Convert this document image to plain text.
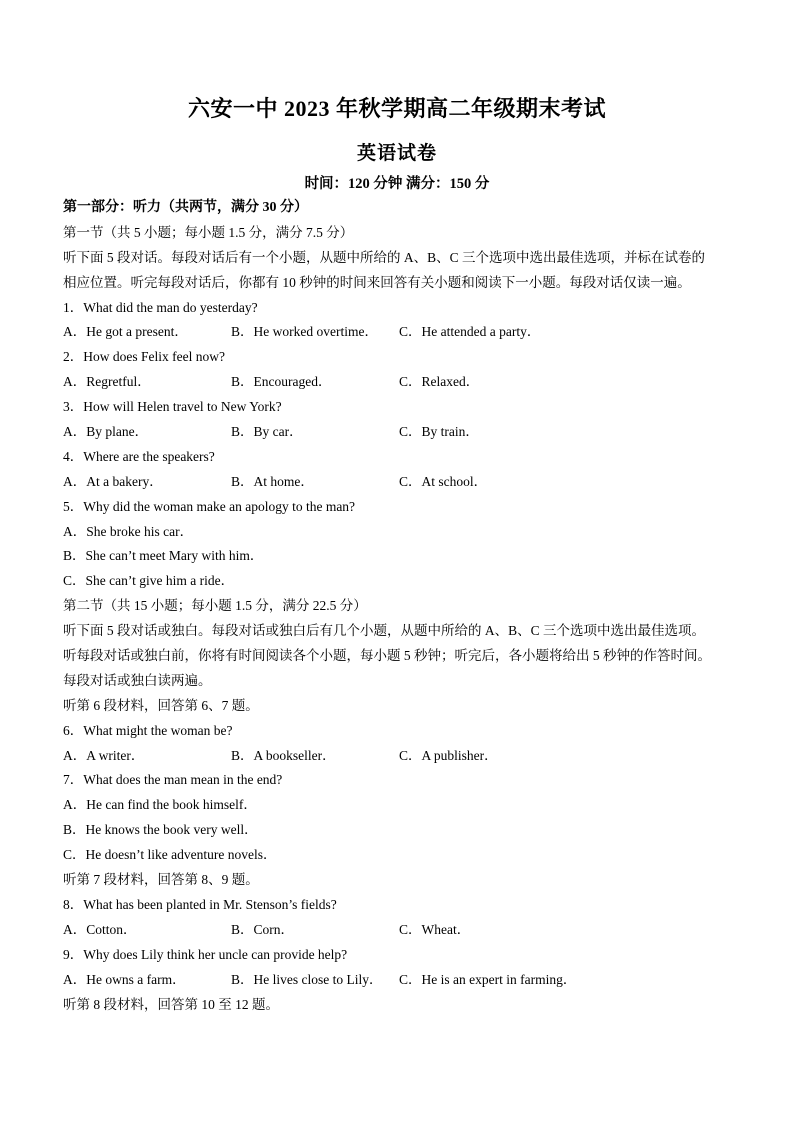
六安一中 2023 年秋学期高二年级期末考试
英语试卷
时间：120 分钟 满分：150 分
第一部分：听力（共两节，满分 30 分）
第一节（共 5 小题；每小题 1.5 分，满分 7.5 分）
听下面 5 段对话。每段对话后有一个小题，从题中所给的 A、B、C 三个选项中选出最佳选项，并标在试卷的
相应位置。听完每段对话后，你都有 10 秒钟的时间来回答有关小题和阅读下一小题。每段对话仅读一遍。
1．What did the man do yesterday?
A．He got a present．	B．He worked overtime．	C．He attended a party．
2．How does Felix feel now?
A．Regretful．	B．Encouraged．	C．Relaxed．
3．How will Helen travel to New York?
A．By plane．	B．By car．	C．By train．
4．Where are the speakers?
A．At a bakery．	B．At home．	C．At school．
5．Why did the woman make an apology to the man?
A．She broke his car．
B．She can’t meet Mary with him．
C．She can’t give him a ride．
第二节（共 15 小题；每小题 1.5 分，满分 22.5 分）
听下面 5 段对话或独白。每段对话或独白后有几个小题，从题中所给的 A、B、C 三个选项中选出最佳选项。
听每段对话或独白前，你将有时间阅读各个小题，每小题 5 秒钟；听完后，各小题将给出 5 秒钟的作答时间。
每段对话或独白读两遍。
听第 6 段材料，回答第 6、7 题。
6．What might the woman be?
A．A writer．	B．A bookseller．	C．A publisher．
7．What does the man mean in the end?
A．He can find the book himself．
B．He knows the book very well．
C．He doesn’t like adventure novels．
听第 7 段材料，回答第 8、9 题。
8．What has been planted in Mr. Stenson’s fields?
A．Cotton．	B．Corn．	C．Wheat．
9．Why does Lily think her uncle can provide help?
A．He owns a farm．	B．He lives close to Lily．	C．He is an expert in farming．
听第 8 段材料，回答第 10 至 12 题。
